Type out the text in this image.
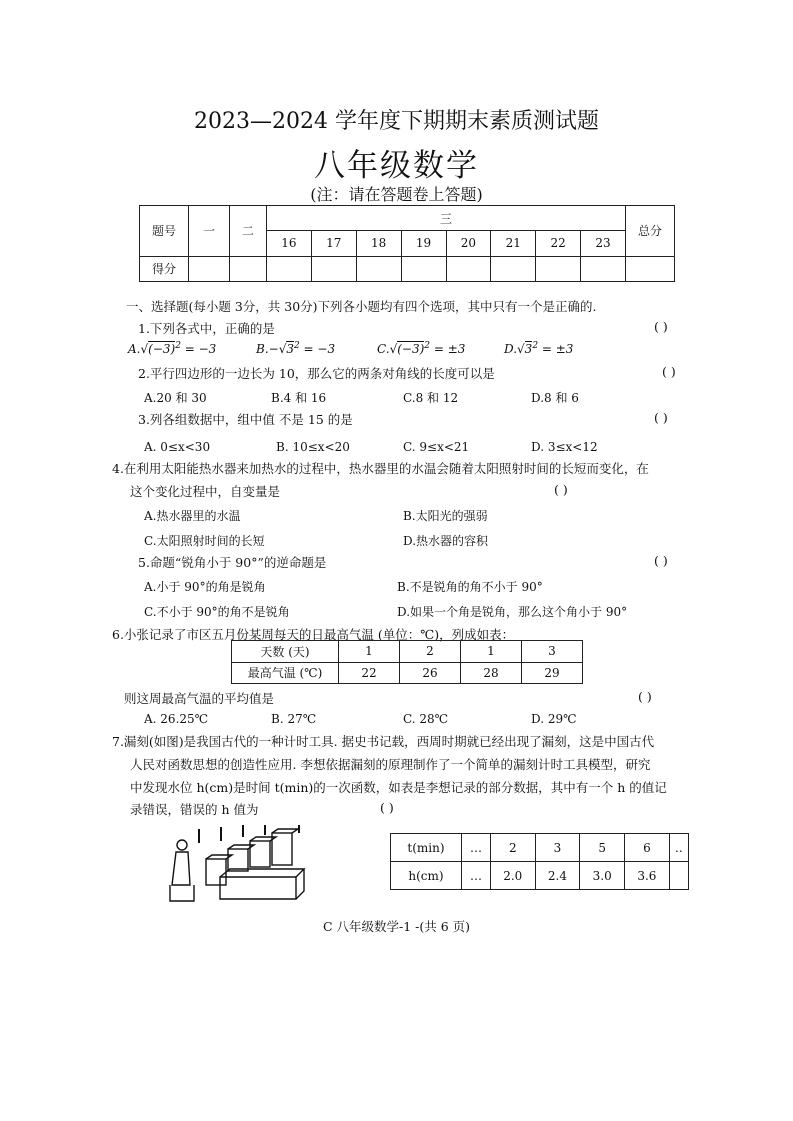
2023—2024 学年度下期期末素质测试题
八年级数学
(注：请在答题卷上答题)
题号	一	二	三								总分
			16	17	18	19	20	21	22	23	
得分											
一、选择题(每小题 3分，共 30分)下列各小题均有四个选项，其中只有一个是正确的.
1.下列各式中，正确的是	( )
$A.√(-3)^2 = -3$	$B.-√3^2 = -3$	$C.√(-3)^2 = \pm 3$	$D.√3^2 = \pm 3$
2.平行四边形的一边长为 10，那么它的两条对角线的长度可以是	( )
A.20 和 30	B.4 和 16	C.8 和 12	D.8 和 6
3.列各组数据中，组中值 不是 15 的是	( )
A. 0≤x<30	B. 10≤x<20	C. 9≤x<21	D. 3≤x<12
4.在利用太阳能热水器来加热水的过程中，热水器里的水温会随着太阳照射时间的长短而变化，在
这个变化过程中，自变量是	( )
A.热水器里的水温	B.太阳光的强弱
C.太阳照射时间的长短	D.热水器的容积
5.命题“锐角小于 90°”的逆命题是	( )
A.小于 90°的角是锐角	B.不是锐角的角不小于 90°
C.不小于 90°的角不是锐角	D.如果一个角是锐角，那么这个角小于 90°
6.小张记录了市区五月份某周每天的日最高气温 (单位：℃)，列成如表：
天数 (天)	1	2	1	3
最高气温 (℃)	22	26	28	29
则这周最高气温的平均值是	( )
A. 26.25℃	B. 27℃	C. 28℃	D. 29℃
7.漏刻(如图)是我国古代的一种计时工具. 据史书记载，西周时期就已经出现了漏刻，这是中国古代
人民对函数思想的创造性应用. 李想依据漏刻的原理制作了一个简单的漏刻计时工具模型，研究
中发现水位 h(cm)是时间 t(min)的一次函数，如表是李想记录的部分数据，其中有一个 h 的值记
录错误，错误的 h 值为	( )
t(min)	…	2	3	5	6	..
h(cm)	…	2.0	2.4	3.0	3.6	
C 八年级数学-1 -(共 6 页)
